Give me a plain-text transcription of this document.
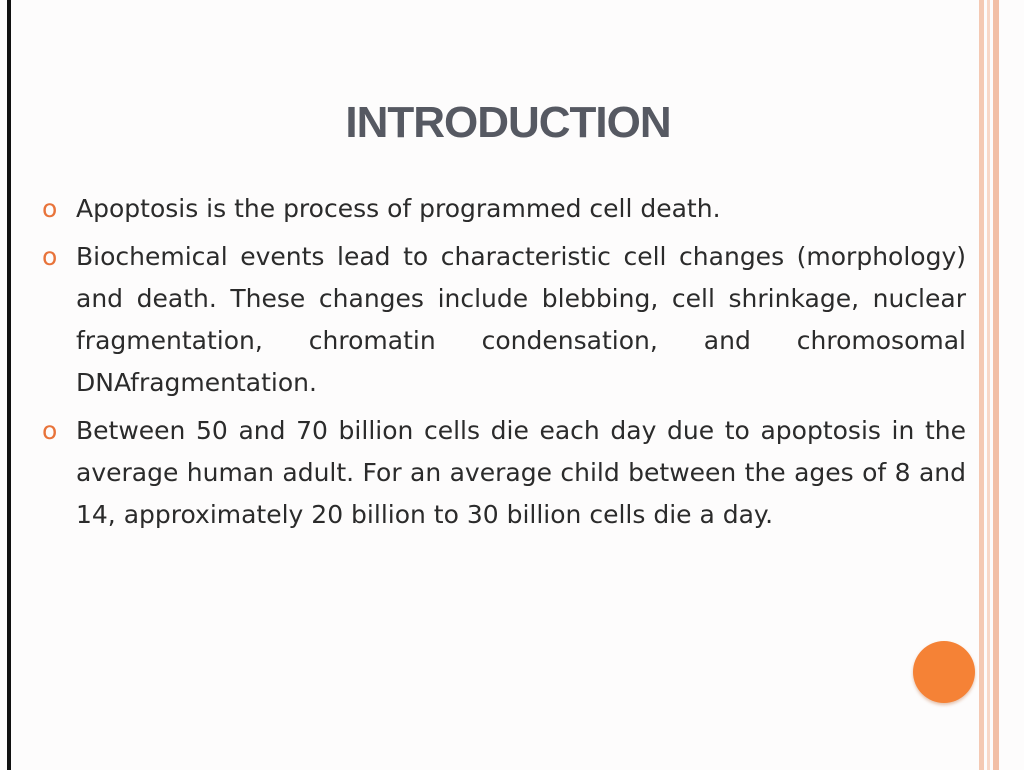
INTRODUCTION
o Apoptosis is the process of programmed cell death.
o Biochemical events lead to characteristic cell changes (morphology) and death. These changes include blebbing, cell shrinkage, nuclear fragmentation, chromatin condensation, and chromosomal DNAfragmentation.
o Between 50 and 70 billion cells die each day due to apoptosis in the average human adult. For an average child between the ages of 8 and 14, approximately 20 billion to 30 billion cells die a day.
